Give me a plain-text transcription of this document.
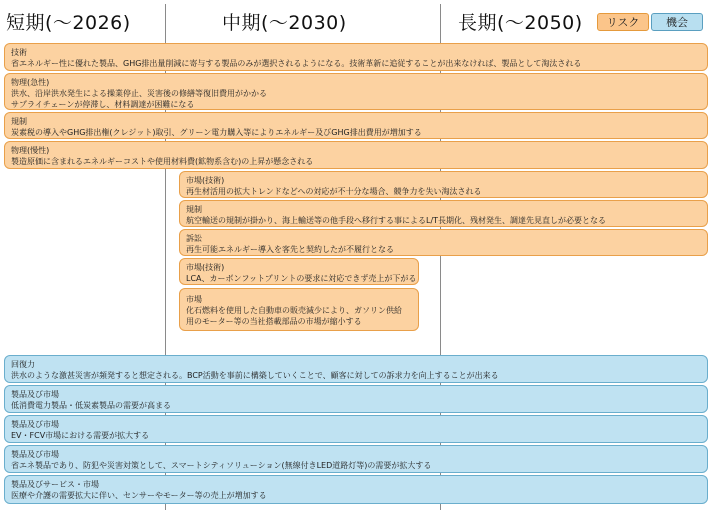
短期(～2026)	中期(～2030)	長期(～2050)	リスク	機会
技術
省エネルギー性に優れた製品、GHG排出量削減に寄与する製品のみが選択されるようになる。技術革新に追従することが出来なければ、製品として淘汰される
物理(急性)
洪水、沿岸洪水発生による操業停止、災害後の修繕等復旧費用がかかる
サプライチェーンが停滞し、材料調達が困難になる
規制
炭素税の導入やGHG排出権(クレジット)取引、グリーン電力購入等によりエネルギー及びGHG排出費用が増加する
物理(慢性)
製造原価に含まれるエネルギーコストや使用材料費(鉱物系含む)の上昇が懸念される
市場(技術)
再生材活用の拡大トレンドなどへの対応が不十分な場合、競争力を失い淘汰される
規制
航空輸送の規制が掛かり、海上輸送等の他手段へ移行する事によるL/T長期化、残材発生、調達先見直しが必要となる
訴訟
再生可能エネルギー導入を客先と契約したが不履行となる
市場(技術)
LCA、カーボンフットプリントの要求に対応できず売上が下がる
市場
化石燃料を使用した自動車の販売減少により、ガソリン供給
用のモーター等の当社搭載部品の市場が縮小する
回復力
洪水のような激甚災害が頻発すると想定される。BCP活動を事前に構築していくことで、顧客に対しての訴求力を向上することが出来る
製品及び市場
低消費電力製品・低炭素製品の需要が高まる
製品及び市場
EV・FCV市場における需要が拡大する
製品及び市場
省エネ製品であり、防犯や災害対策として、スマートシティソリューション(無線付きLED道路灯等)の需要が拡大する
製品及びサービス・市場
医療や介護の需要拡大に伴い、センサーやモーター等の売上が増加する
